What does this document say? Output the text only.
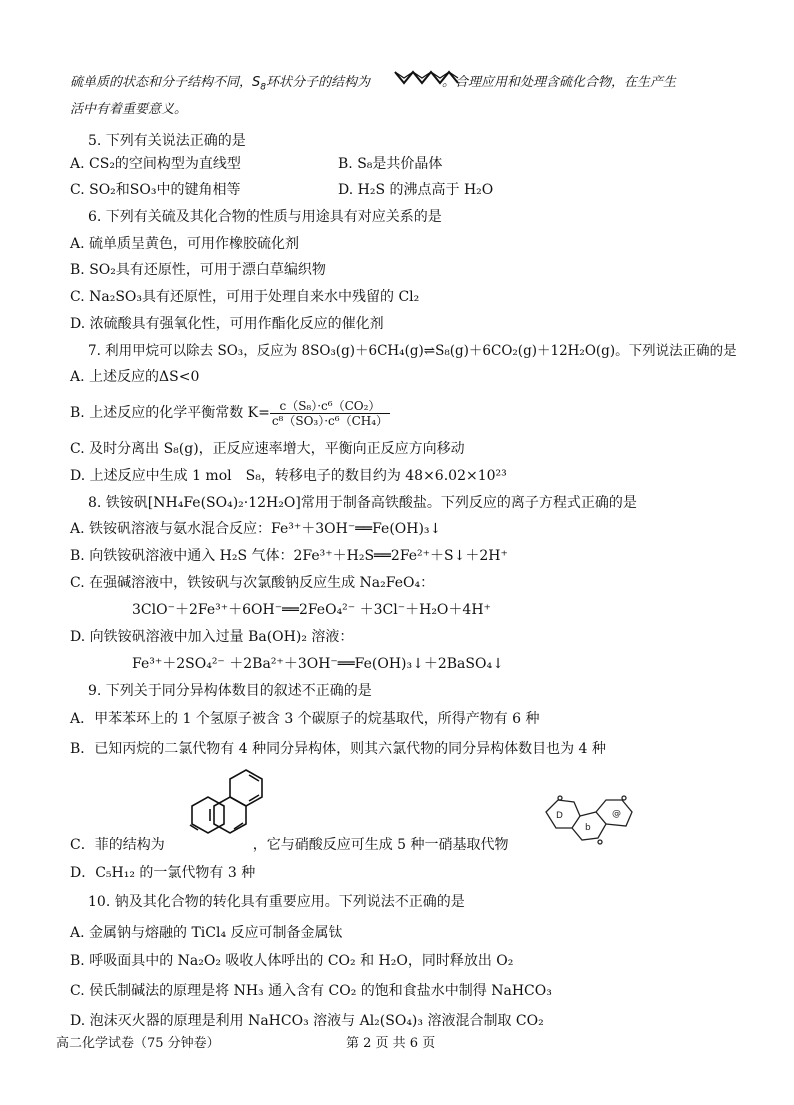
硫单质的状态和分子结构不同，$S_8$环状分子的结构为	。合理应用和处理含硫化合物，在生产生
活中有着重要意义。
5. 下列有关说法正确的是
A. CS₂的空间构型为直线型	B. S₈是共价晶体
C. SO₂和SO₃中的键角相等	D. H₂S 的沸点高于 H₂O
6. 下列有关硫及其化合物的性质与用途具有对应关系的是
A. 硫单质呈黄色，可用作橡胶硫化剂
B. SO₂具有还原性，可用于漂白草编织物
C. Na₂SO₃具有还原性，可用于处理自来水中残留的 Cl₂
D. 浓硫酸具有强氧化性，可用作酯化反应的催化剂
7. 利用甲烷可以除去 SO₃，反应为 8SO₃(g)＋6CH₄(g)⇌S₈(g)＋6CO₂(g)＋12H₂O(g)。下列说法正确的是
A. 上述反应的ΔS<0
B. 上述反应的化学平衡常数 $K= \frac{\text{c（S₈）·c⁶（CO₂）}}{\text{c⁸（SO₃）·c⁶（CH₄）}}$
C. 及时分离出 S₈(g)，正反应速率增大，平衡向正反应方向移动
D. 上述反应中生成 1 mol　S₈，转移电子的数目约为 48×6.02×10²³
8. 铁铵矾[NH₄Fe(SO₄)₂·12H₂O]常用于制备高铁酸盐。下列反应的离子方程式正确的是
A. 铁铵矾溶液与氨水混合反应：Fe³⁺＋3OH⁻══Fe(OH)₃↓
B. 向铁铵矾溶液中通入 H₂S 气体：2Fe³⁺＋H₂S══2Fe²⁺＋S↓＋2H⁺
C. 在强碱溶液中，铁铵矾与次氯酸钠反应生成 Na₂FeO₄：
3ClO⁻＋2Fe³⁺＋6OH⁻══2FeO₄²⁻ ＋3Cl⁻＋H₂O＋4H⁺
D. 向铁铵矾溶液中加入过量 Ba(OH)₂ 溶液：
Fe³⁺＋2SO₄²⁻ ＋2Ba²⁺＋3OH⁻══Fe(OH)₃↓＋2BaSO₄↓
9. 下列关于同分异构体数目的叙述不正确的是
A．甲苯苯环上的 1 个氢原子被含 3 个碳原子的烷基取代，所得产物有 6 种
B．已知丙烷的二氯代物有 4 种同分异构体，则其六氯代物的同分异构体数目也为 4 种
C．菲的结构为	，它与硝酸反应可生成 5 种一硝基取代物
D
b
@
D．C₅H₁₂ 的一氯代物有 3 种
10. 钠及其化合物的转化具有重要应用。下列说法不正确的是
A. 金属钠与熔融的 TiCl₄ 反应可制备金属钛
B. 呼吸面具中的 Na₂O₂ 吸收人体呼出的 CO₂ 和 H₂O，同时释放出 O₂
C. 侯氏制碱法的原理是将 NH₃ 通入含有 CO₂ 的饱和食盐水中制得 NaHCO₃
D. 泡沫灭火器的原理是利用 NaHCO₃ 溶液与 Al₂(SO₄)₃ 溶液混合制取 CO₂
高二化学试卷（75 分钟卷）	第 2 页 共 6 页
